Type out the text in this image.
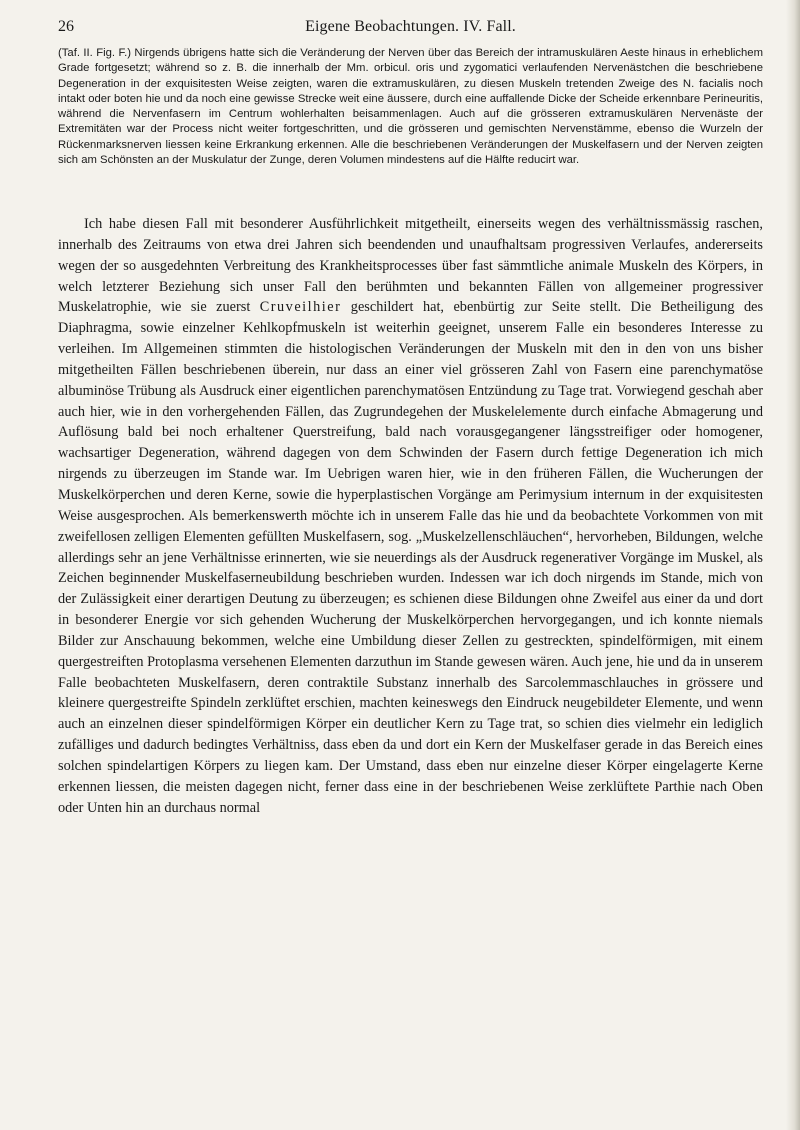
26	Eigene Beobachtungen. IV. Fall.

(Taf. II. Fig. F.) Nirgends übrigens hatte sich die Veränderung der Nerven über das Bereich der intramuskulären Aeste hinaus in erheblichem Grade fortgesetzt; während so z. B. die innerhalb der Mm. orbicul. oris und zygomatici verlaufenden Nervenästchen die beschriebene Degeneration in der exquisitesten Weise zeigten, waren die extramuskulären, zu diesen Muskeln tretenden Zweige des N. facialis noch intakt oder boten hie und da noch eine gewisse Strecke weit eine äussere, durch eine auffallende Dicke der Scheide erkennbare Perineuritis, während die Nervenfasern im Centrum wohlerhalten beisammenlagen. Auch auf die grösseren extramuskulären Nervenäste der Extremitäten war der Process nicht weiter fortgeschritten, und die grösseren und gemischten Nervenstämme, ebenso die Wurzeln der Rückenmarksnerven liessen keine Erkrankung erkennen. Alle die beschriebenen Veränderungen der Muskelfasern und der Nerven zeigten sich am Schönsten an der Muskulatur der Zunge, deren Volumen mindestens auf die Hälfte reducirt war.

Ich habe diesen Fall mit besonderer Ausführlichkeit mitgetheilt, einerseits wegen des verhältnissmässig raschen, innerhalb des Zeitraums von etwa drei Jahren sich beendenden und unaufhaltsam progressiven Verlaufes, andererseits wegen der so ausgedehnten Verbreitung des Krankheitsprocesses über fast sämmtliche animale Muskeln des Körpers, in welch letzterer Beziehung sich unser Fall den berühmten und bekannten Fällen von allgemeiner progressiver Muskelatrophie, wie sie zuerst Cruveilhier geschildert hat, ebenbürtig zur Seite stellt. Die Betheiligung des Diaphragma, sowie einzelner Kehlkopfmuskeln ist weiterhin geeignet, unserem Falle ein besonderes Interesse zu verleihen. Im Allgemeinen stimmten die histologischen Veränderungen der Muskeln mit den in den von uns bisher mitgetheilten Fällen beschriebenen überein, nur dass an einer viel grösseren Zahl von Fasern eine parenchymatöse albuminöse Trübung als Ausdruck einer eigentlichen parenchymatösen Entzündung zu Tage trat. Vorwiegend geschah aber auch hier, wie in den vorhergehenden Fällen, das Zugrundegehen der Muskelelemente durch einfache Abmagerung und Auflösung bald bei noch erhaltener Querstreifung, bald nach vorausgegangener längsstreifiger oder homogener, wachsartiger Degeneration, während dagegen von dem Schwinden der Fasern durch fettige Degeneration ich mich nirgends zu überzeugen im Stande war. Im Uebrigen waren hier, wie in den früheren Fällen, die Wucherungen der Muskelkörperchen und deren Kerne, sowie die hyperplastischen Vorgänge am Perimysium internum in der exquisitesten Weise ausgesprochen. Als bemerkenswerth möchte ich in unserem Falle das hie und da beobachtete Vorkommen von mit zweifellosen zelligen Elementen gefüllten Muskelfasern, sog. „Muskelzellenschläuchen“, hervorheben, Bildungen, welche allerdings sehr an jene Verhältnisse erinnerten, wie sie neuerdings als der Ausdruck regenerativer Vorgänge im Muskel, als Zeichen beginnender Muskelfaserneubildung beschrieben wurden. Indessen war ich doch nirgends im Stande, mich von der Zulässigkeit einer derartigen Deutung zu überzeugen; es schienen diese Bildungen ohne Zweifel aus einer da und dort in besonderer Energie vor sich gehenden Wucherung der Muskelkörperchen hervorgegangen, und ich konnte niemals Bilder zur Anschauung bekommen, welche eine Umbildung dieser Zellen zu gestreckten, spindelförmigen, mit einem quergestreiften Protoplasma versehenen Elementen darzuthun im Stande gewesen wären. Auch jene, hie und da in unserem Falle beobachteten Muskelfasern, deren contraktile Substanz innerhalb des Sarcolemmaschlauches in grössere und kleinere quergestreifte Spindeln zerklüftet erschien, machten keineswegs den Eindruck neugebildeter Elemente, und wenn auch an einzelnen dieser spindelförmigen Körper ein deutlicher Kern zu Tage trat, so schien dies vielmehr ein lediglich zufälliges und dadurch bedingtes Verhältniss, dass eben da und dort ein Kern der Muskelfaser gerade in das Bereich eines solchen spindelartigen Körpers zu liegen kam. Der Umstand, dass eben nur einzelne dieser Körper eingelagerte Kerne erkennen liessen, die meisten dagegen nicht, ferner dass eine in der beschriebenen Weise zerklüftete Parthie nach Oben oder Unten hin an durchaus normal
